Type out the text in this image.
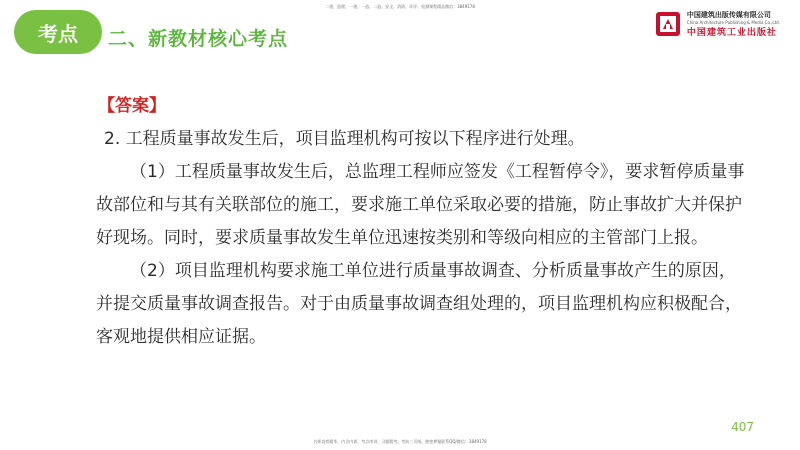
二建、监理、一建、一造、二造、安全、消防、环评、检测课程精品微信：3849178
考点 二、新教材核心考点
中国建筑出版传媒有限公司
China Architecture Publishing & Media Co.,Ltd.
中国建筑工业出版社
【答案】

2. 工程质量事故发生后，项目监理机构可按以下程序进行处理。

（1）工程质量事故发生后，总监理工程师应签发《工程暂停令》，要求暂停质量事故部位和与其有关联部位的施工，要求施工单位采取必要的措施，防止事故扩大并保护好现场。同时，要求质量事故发生单位迅速按类别和等级向相应的主管部门上报。

（2）项目监理机构要求施工单位进行质量事故调查、分析质量事故产生的原因，并提交质量事故调查报告。对于由质量事故调查组处理的，项目监理机构应积极配合，客观地提供相应证据。

407
名师直授精华，内含内训、考点串讲、习题精考、考前三页纸、绝密押题联系QQ/微信：3849178
